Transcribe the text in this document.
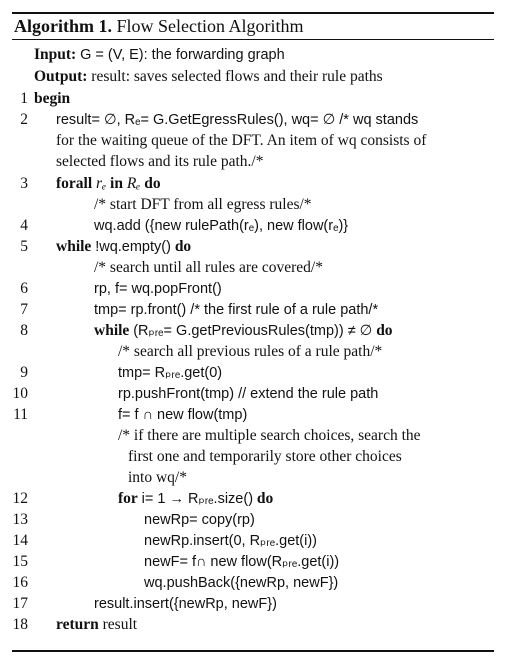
Algorithm 1. Flow Selection Algorithm
Input: G = (V, E): the forwarding graph
Output: result: saves selected flows and their rule paths
1 begin
2 result= ∅, Rₑ= G.GetEgressRules(), wq= ∅ /* wq stands
for the waiting queue of the DFT. An item of wq consists of
selected flows and its rule path./*
3 forall rₑ in Rₑ do
/* start DFT from all egress rules/*
4	wq.add ({new rulePath(rₑ), new flow(rₑ)}
5 while !wq.empty() do
/* search until all rules are covered/*
6	rp, f= wq.popFront()
7	tmp= rp.front() /* the first rule of a rule path/*
8	while (Rₚᵣₑ= G.getPreviousRules(tmp)) ≠ ∅ do
/* search all previous rules of a rule path/*
9	tmp= Rₚᵣₑ.get(0)
10	rp.pushFront(tmp) // extend the rule path
11	f= f ∩ new flow(tmp)
/* if there are multiple search choices, search the
first one and temporarily store other choices
into wq/*
12	for i= 1 → Rₚᵣₑ.size() do
13	newRp= copy(rp)
14	newRp.insert(0, Rₚᵣₑ.get(i))
15	newF= f∩ new flow(Rₚᵣₑ.get(i))
16	wq.pushBack({newRp, newF})
17	result.insert({newRp, newF})
18 return result
